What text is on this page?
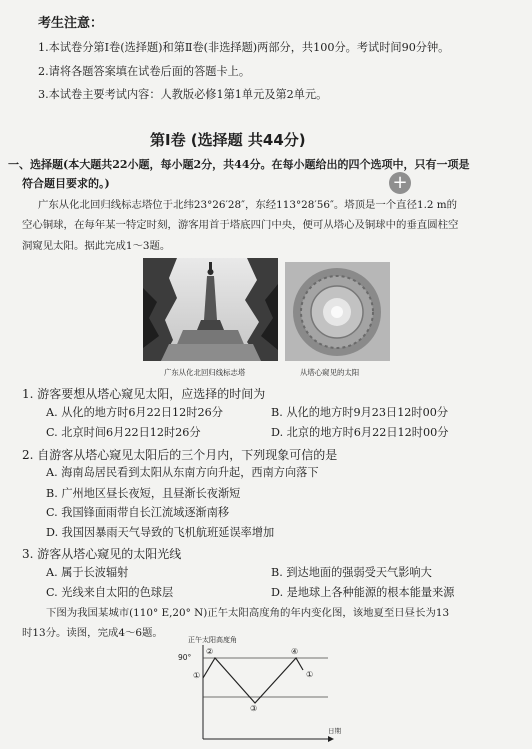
考生注意：
1.本试卷分第Ⅰ卷(选择题)和第Ⅱ卷(非选择题)两部分，共100分。考试时间90分钟。
2.请将各题答案填在试卷后面的答题卡上。
3.本试卷主要考试内容：人教版必修1第1单元及第2单元。
第Ⅰ卷 (选择题 共44分)
一、选择题(本大题共22小题，每小题2分，共44分。在每小题给出的四个选项中，只有一项是
符合题目要求的。)	+
广东从化北回归线标志塔位于北纬23°26′28″，东经113°28′56″。塔顶是一个直径1.2 m的
空心铜球，在每年某一特定时刻，游客用首于塔底四门中央，便可从塔心及铜球中的垂直圆柱空
洞窥见太阳。据此完成1～3题。
广东从化北回归线标志塔	从塔心窥见的太阳
1. 游客要想从塔心窥见太阳，应选择的时间为
A. 从化的地方时6月22日12时26分	B. 从化的地方时9月23日12时00分
C. 北京时间6月22日12时26分	D. 北京的地方时6月22日12时00分
2. 自游客从塔心窥见太阳后的三个月内，下列现象可信的是
A. 海南岛居民看到太阳从东南方向升起，西南方向落下
B. 广州地区昼长夜短，且昼渐长夜渐短
C. 我国锋面雨带自长江流域逐渐南移
D. 我国因暴雨天气导致的飞机航班延误率增加
3. 游客从塔心窥见的太阳光线
A. 属于长波辐射	B. 到达地面的强弱受天气影响大
C. 光线来自太阳的色球层	D. 是地球上各种能源的根本能量来源
下图为我国某城市(110° E,20° N)正午太阳高度角的年内变化图，该地夏至日昼长为13
时13分。读图，完成4～6题。
正午太阳高度角
90°
②	④
①	①
③
日期
